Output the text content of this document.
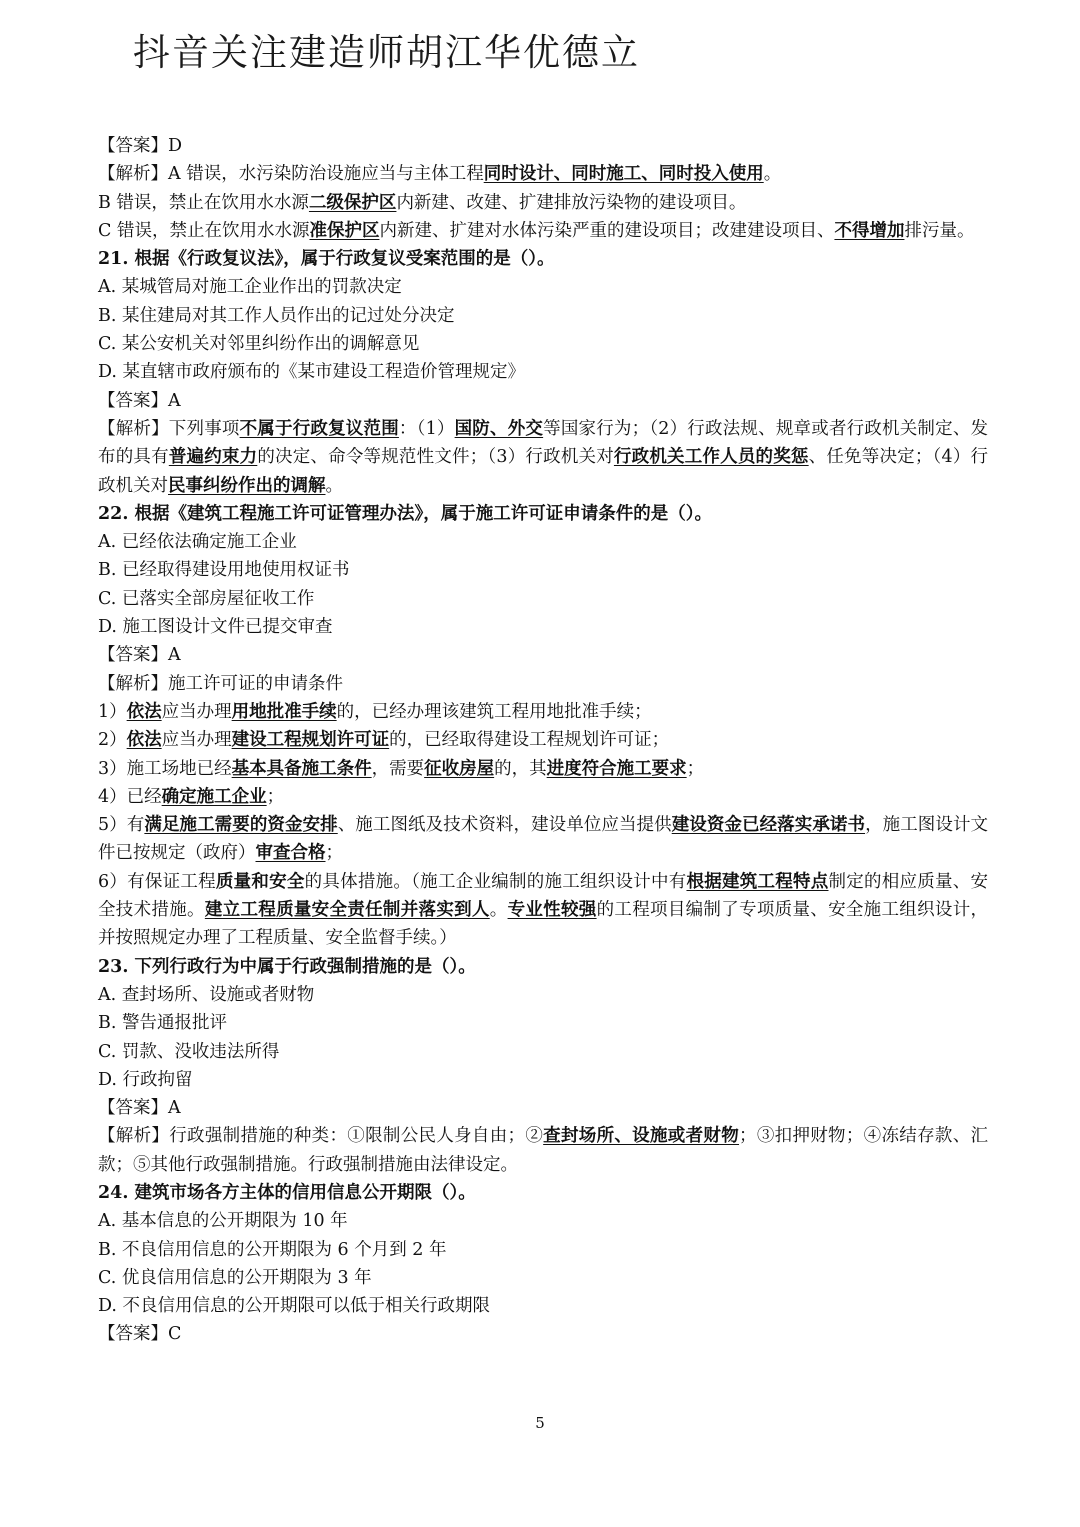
抖音关注建造师胡江华优德立
【答案】D
【解析】A 错误，水污染防治设施应当与主体工程同时设计、同时施工、同时投入使用。
B 错误，禁止在饮用水水源二级保护区内新建、改建、扩建排放污染物的建设项目。
C 错误，禁止在饮用水水源准保护区内新建、扩建对水体污染严重的建设项目；改建建设项目、不得增加排污量。
21. 根据《行政复议法》，属于行政复议受案范围的是（）。
A. 某城管局对施工企业作出的罚款决定
B. 某住建局对其工作人员作出的记过处分决定
C. 某公安机关对邻里纠纷作出的调解意见
D. 某直辖市政府颁布的《某市建设工程造价管理规定》
【答案】A
【解析】下列事项不属于行政复议范围：（1）国防、外交等国家行为；（2）行政法规、规章或者行政机关制定、发布的具有普遍约束力的决定、命令等规范性文件；（3）行政机关对行政机关工作人员的奖惩、任免等决定；（4）行政机关对民事纠纷作出的调解。
22. 根据《建筑工程施工许可证管理办法》，属于施工许可证申请条件的是（）。
A. 已经依法确定施工企业
B. 已经取得建设用地使用权证书
C. 已落实全部房屋征收工作
D. 施工图设计文件已提交审查
【答案】A
【解析】施工许可证的申请条件
1）依法应当办理用地批准手续的，已经办理该建筑工程用地批准手续；
2）依法应当办理建设工程规划许可证的，已经取得建设工程规划许可证；
3）施工场地已经基本具备施工条件，需要征收房屋的，其进度符合施工要求；
4）已经确定施工企业；
5）有满足施工需要的资金安排、施工图纸及技术资料，建设单位应当提供建设资金已经落实承诺书，施工图设计文件已按规定（政府）审查合格；
6）有保证工程质量和安全的具体措施。（施工企业编制的施工组织设计中有根据建筑工程特点制定的相应质量、安全技术措施。建立工程质量安全责任制并落实到人。专业性较强的工程项目编制了专项质量、安全施工组织设计，并按照规定办理了工程质量、安全监督手续。）
23. 下列行政行为中属于行政强制措施的是（）。
A. 查封场所、设施或者财物
B. 警告通报批评
C. 罚款、没收违法所得
D. 行政拘留
【答案】A
【解析】行政强制措施的种类：①限制公民人身自由；②查封场所、设施或者财物；③扣押财物；④冻结存款、汇款；⑤其他行政强制措施。行政强制措施由法律设定。
24. 建筑市场各方主体的信用信息公开期限（）。
A. 基本信息的公开期限为 10 年
B. 不良信用信息的公开期限为 6 个月到 2 年
C. 优良信用信息的公开期限为 3 年
D. 不良信用信息的公开期限可以低于相关行政期限
【答案】C
5
